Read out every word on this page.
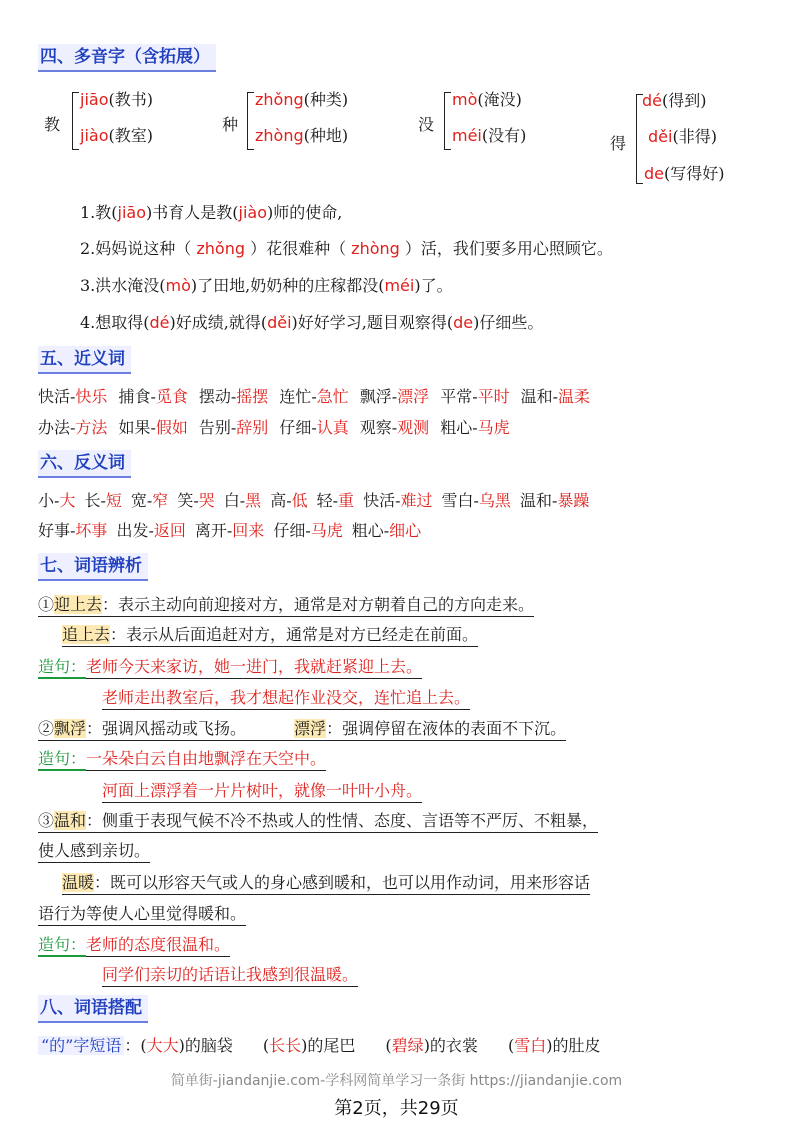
四、多音字（含拓展）
教
jiāo(教书)
jiào(教室)
种
zhǒng(种类)
zhòng(种地)
没
mò(淹没)
méi(没有)	得
dé(得到)
děi(非得)
de(写得好)
1.教(jiāo)书育人是教(jiào)师的使命,
2.妈妈说这种（ zhǒng ）花很难种（ zhòng ）活，我们要多用心照顾它。
3.洪水淹没(mò)了田地,奶奶种的庄稼都没(méi)了。
4.想取得(dé)好成绩,就得(děi)好好学习,题目观察得(de)仔细些。
五、近义词
快活-快乐 捕食-觅食 摆动-摇摆 连忙-急忙 飘浮-漂浮 平常-平时 温和-温柔
办法-方法 如果-假如 告别-辞别 仔细-认真 观察-观测 粗心-马虎
六、反义词
小-大 长-短 宽-窄 笑-哭 白-黑 高-低 轻-重 快活-难过 雪白-乌黑 温和-暴躁
好事-坏事 出发-返回 离开-回来 仔细-马虎 粗心-细心
七、词语辨析
①迎上去：表示主动向前迎接对方，通常是对方朝着自己的方向走来。
追上去：表示从后面追赶对方，通常是对方已经走在前面。
造句：老师今天来家访，她一进门，我就赶紧迎上去。
老师走出教室后，我才想起作业没交，连忙追上去。
②飘浮：强调风摇动或飞扬。	漂浮：强调停留在液体的表面不下沉。
造句：一朵朵白云自由地飘浮在天空中。
河面上漂浮着一片片树叶，就像一叶叶小舟。
③温和：侧重于表现气候不冷不热或人的性情、态度、言语等不严厉、不粗暴，
使人感到亲切。
温暖：既可以形容天气或人的身心感到暖和，也可以用作动词，用来形容话
语行为等使人心里觉得暖和。
造句：老师的态度很温和。
同学们亲切的话语让我感到很温暖。
八、词语搭配
“的”字短语 ：(大大)的脑袋 (长长)的尾巴 (碧绿)的衣裳 (雪白)的肚皮
简单街-jiandanjie.com-学科网简单学习一条街 https://jiandanjie.com
第2页，共29页
